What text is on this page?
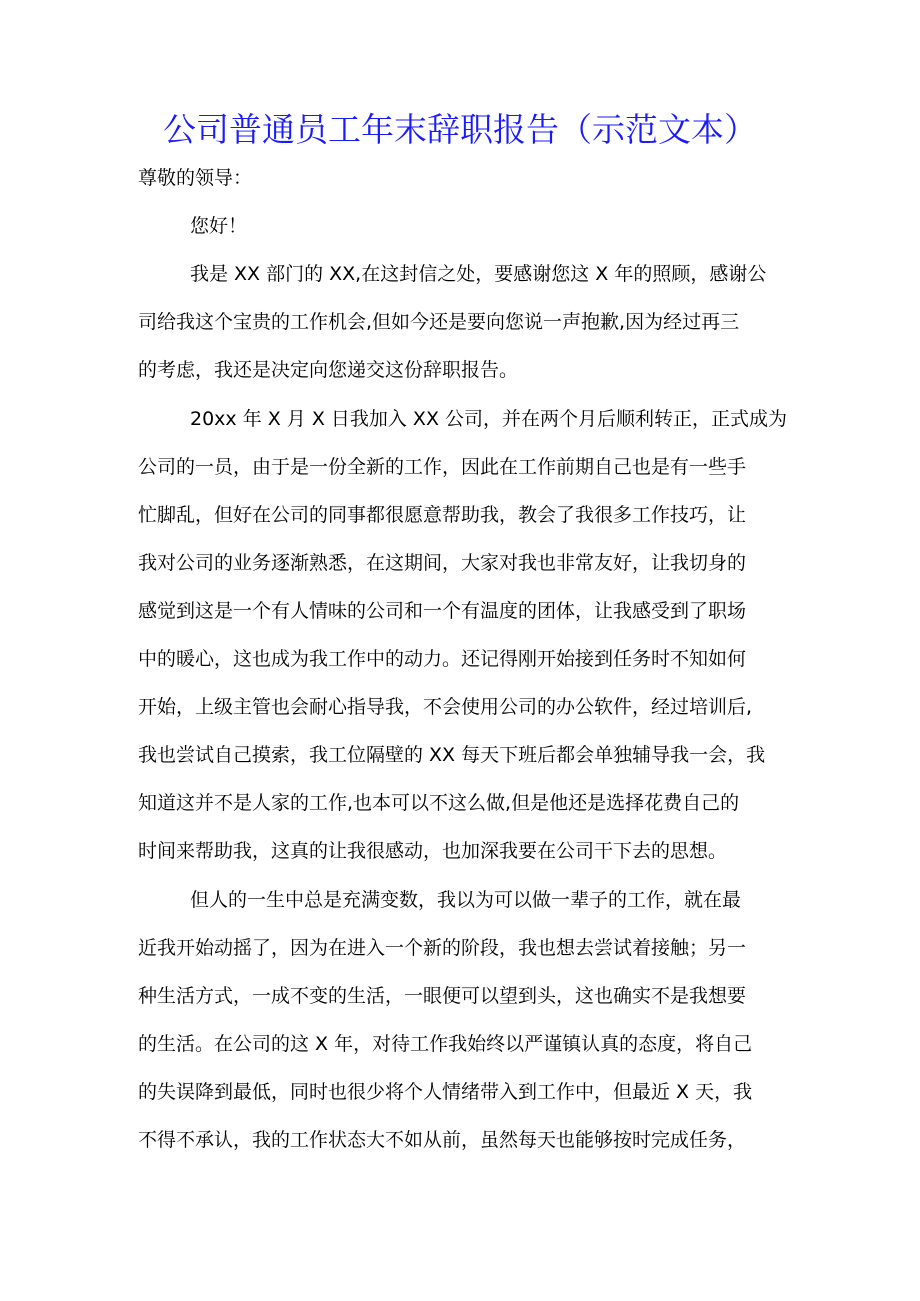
公司普通员工年末辞职报告（示范文本）
尊敬的领导：
您好！
我是 XX 部门的 XX,在这封信之处，要感谢您这 X 年的照顾，感谢公
司给我这个宝贵的工作机会,但如今还是要向您说一声抱歉,因为经过再三
的考虑，我还是决定向您递交这份辞职报告。
20xx 年 X 月 X 日我加入 XX 公司，并在两个月后顺利转正，正式成为
公司的一员，由于是一份全新的工作，因此在工作前期自己也是有一些手
忙脚乱，但好在公司的同事都很愿意帮助我，教会了我很多工作技巧，让
我对公司的业务逐渐熟悉，在这期间，大家对我也非常友好，让我切身的
感觉到这是一个有人情味的公司和一个有温度的团体，让我感受到了职场
中的暖心，这也成为我工作中的动力。还记得刚开始接到任务时不知如何
开始，上级主管也会耐心指导我，不会使用公司的办公软件，经过培训后,
我也尝试自己摸索，我工位隔壁的 XX 每天下班后都会单独辅导我一会，我
知道这并不是人家的工作,也本可以不这么做,但是他还是选择花费自己的
时间来帮助我，这真的让我很感动，也加深我要在公司干下去的思想。
但人的一生中总是充满变数，我以为可以做一辈子的工作，就在最
近我开始动摇了，因为在进入一个新的阶段，我也想去尝试着接触；另一
种生活方式，一成不变的生活，一眼便可以望到头，这也确实不是我想要
的生活。在公司的这 X 年，对待工作我始终以严谨镇认真的态度，将自己
的失误降到最低，同时也很少将个人情绪带入到工作中，但最近 X 天，我
不得不承认，我的工作状态大不如从前，虽然每天也能够按时完成任务，
